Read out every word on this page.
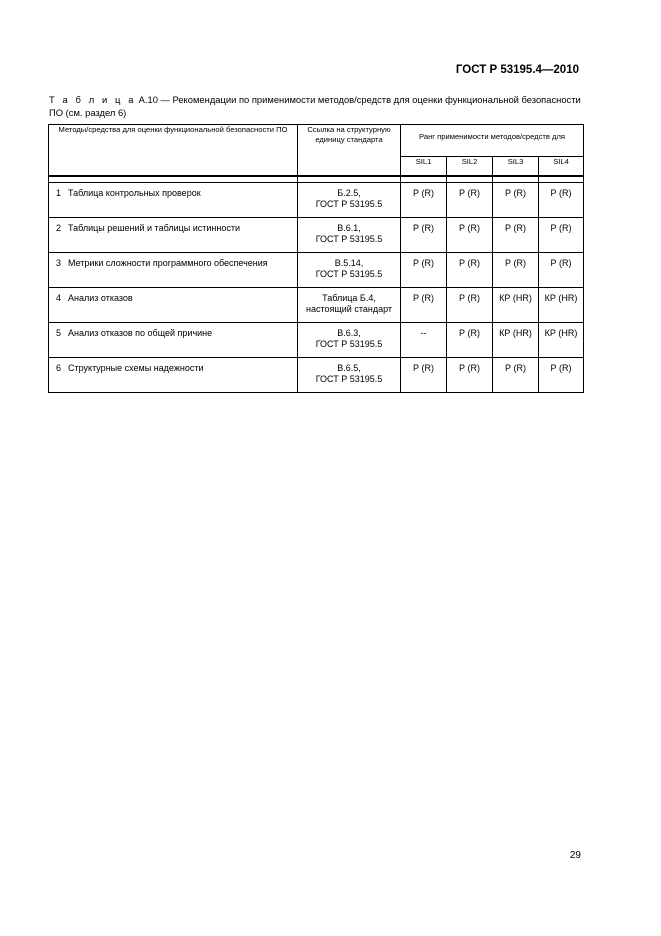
ГОСТ Р 53195.4—2010
Т а б л и ц а А.10 — Рекомендации по применимости методов/средств для оценки функциональной безопасности ПО (см. раздел 6)
Методы/средства для оценки функциональной безопасности ПО	Ссылка на структурную единицу стандарта	Ранг применимости методов/средств для			
		SIL1	SIL2	SIL3	SIL4

1 Таблица контрольных проверок	Б.2.5,
ГОСТ Р 53195.5	Р (R)	Р (R)	Р (R)	Р (R)
2 Таблицы решений и таблицы истинности	В.6.1,
ГОСТ Р 53195.5	Р (R)	Р (R)	Р (R)	Р (R)
3 Метрики сложности программного обеспечения	В.5.14,
ГОСТ Р 53195.5	Р (R)	Р (R)	Р (R)	Р (R)
4 Анализ отказов	Таблица Б.4,
настоящий стандарт	Р (R)	Р (R)	КР (HR)	КР (HR)
5 Анализ отказов по общей причине	В.6.3,
ГОСТ Р 53195.5	--	Р (R)	КР (HR)	КР (HR)
6 Структурные схемы надежности	В.6.5,
ГОСТ Р 53195.5	Р (R)	Р (R)	Р (R)	Р (R)
29
